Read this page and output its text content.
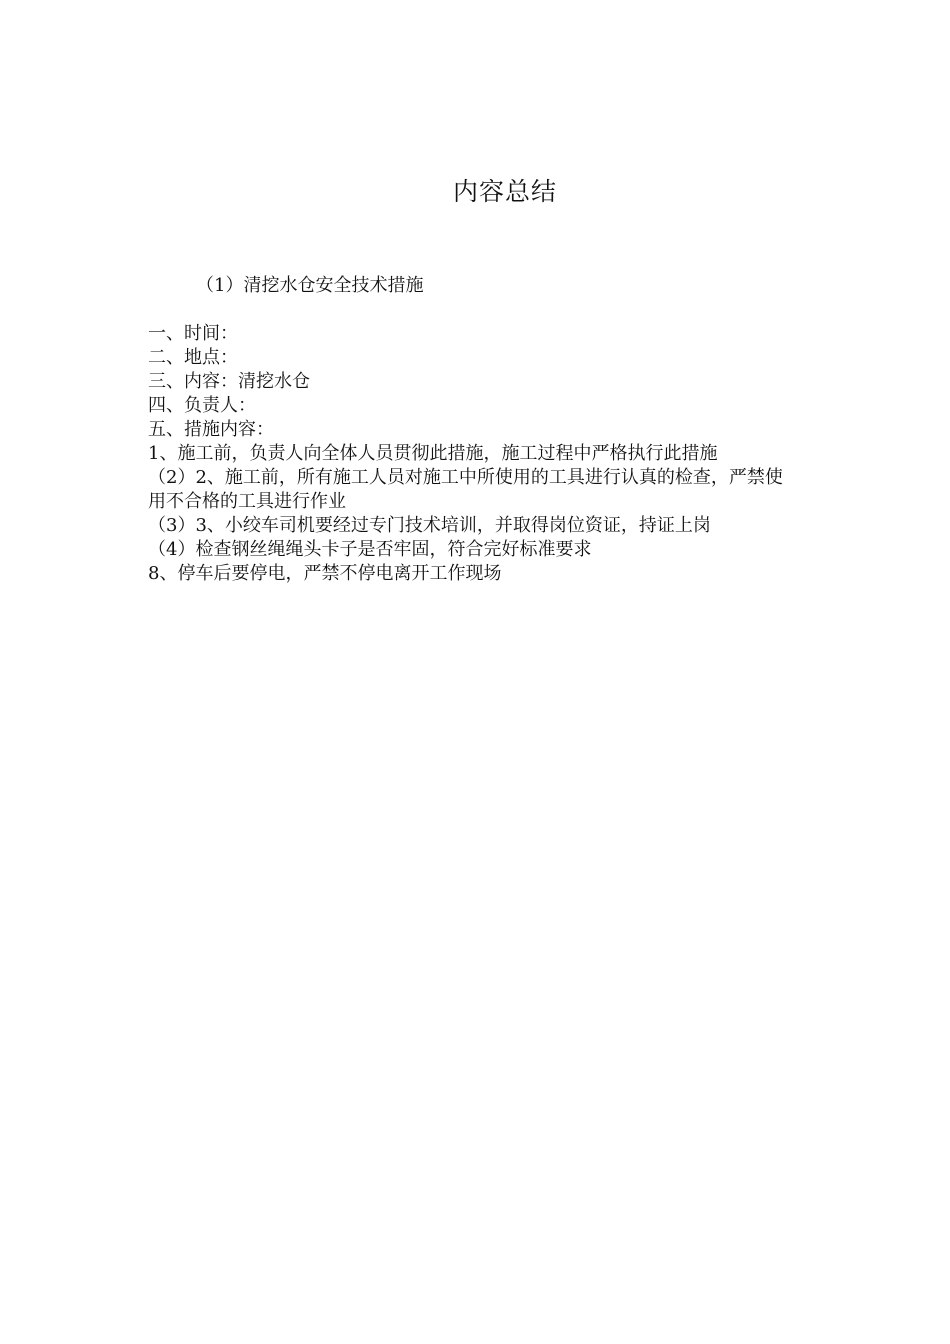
内容总结
（1）清挖水仓安全技术措施
一、时间：
二、地点：
三、内容：清挖水仓
四、负责人：
五、措施内容：
1、施工前，负责人向全体人员贯彻此措施，施工过程中严格执行此措施
（2）2、施工前，所有施工人员对施工中所使用的工具进行认真的检查，严禁使用不合格的工具进行作业
（3）3、小绞车司机要经过专门技术培训，并取得岗位资证，持证上岗
（4）检查钢丝绳绳头卡子是否牢固，符合完好标准要求
8、停车后要停电，严禁不停电离开工作现场
